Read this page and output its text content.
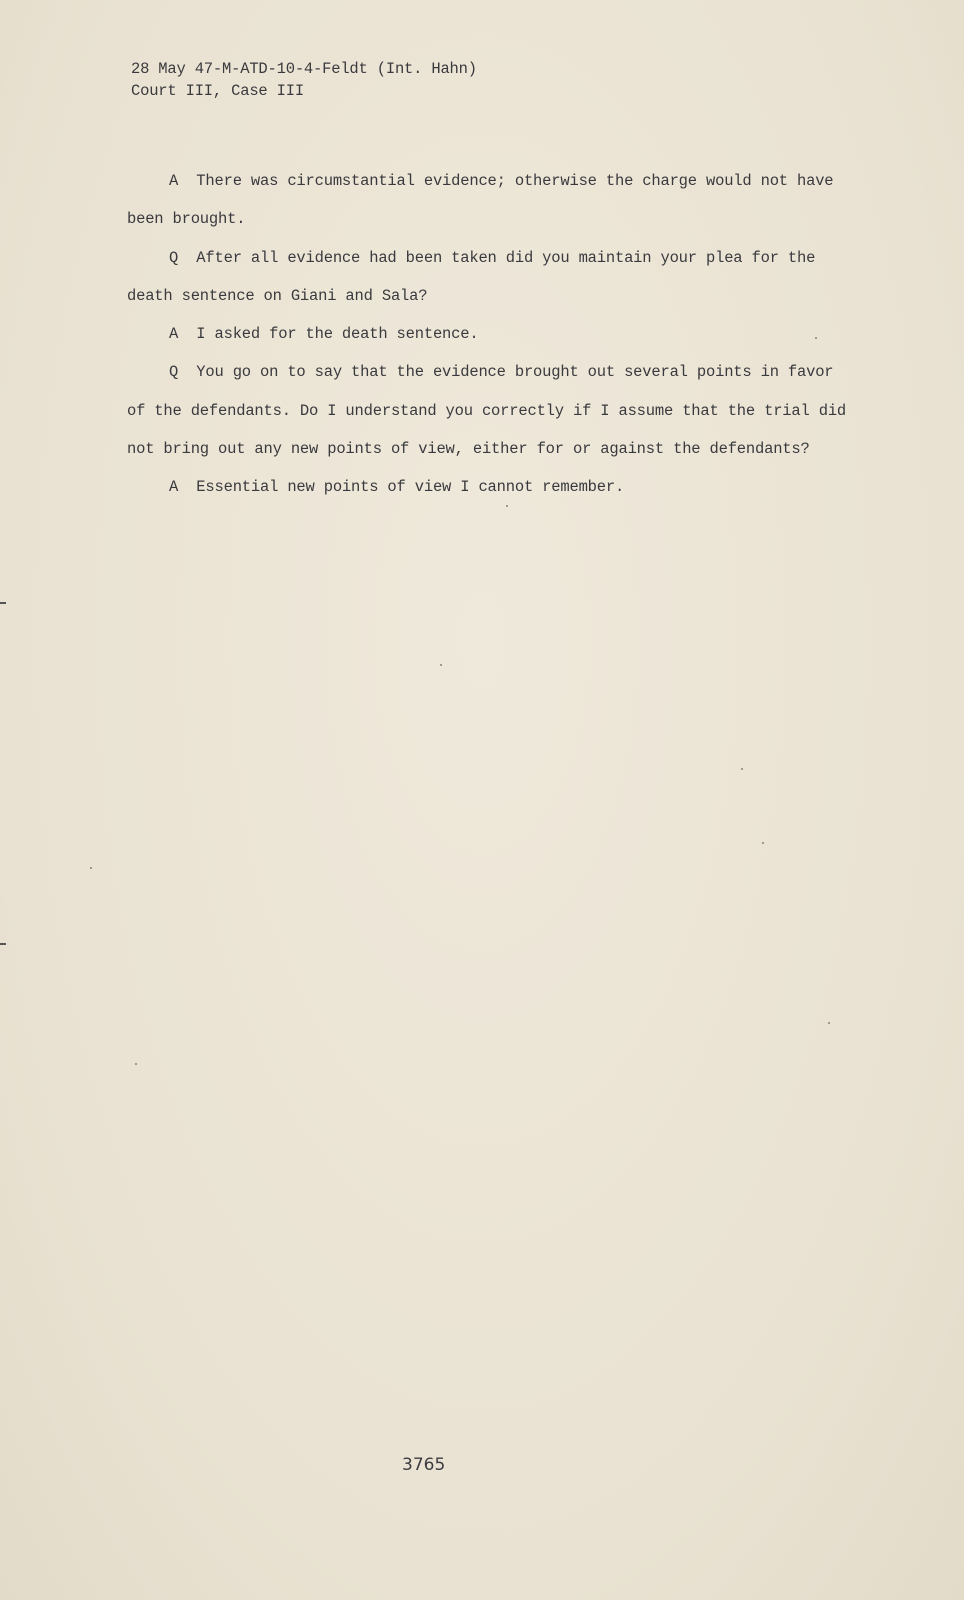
28 May 47-M-ATD-10-4-Feldt (Int. Hahn)
Court III, Case III

A  There was circumstantial evidence; otherwise the charge would not have been brought.

Q  After all evidence had been taken did you maintain your plea for the death sentence on Giani and Sala?

A  I asked for the death sentence.

Q  You go on to say that the evidence brought out several points in favor of the defendants. Do I understand you correctly if I assume that the trial did not bring out any new points of view, either for or against the defendants?

A  Essential new points of view I cannot remember.

3765
